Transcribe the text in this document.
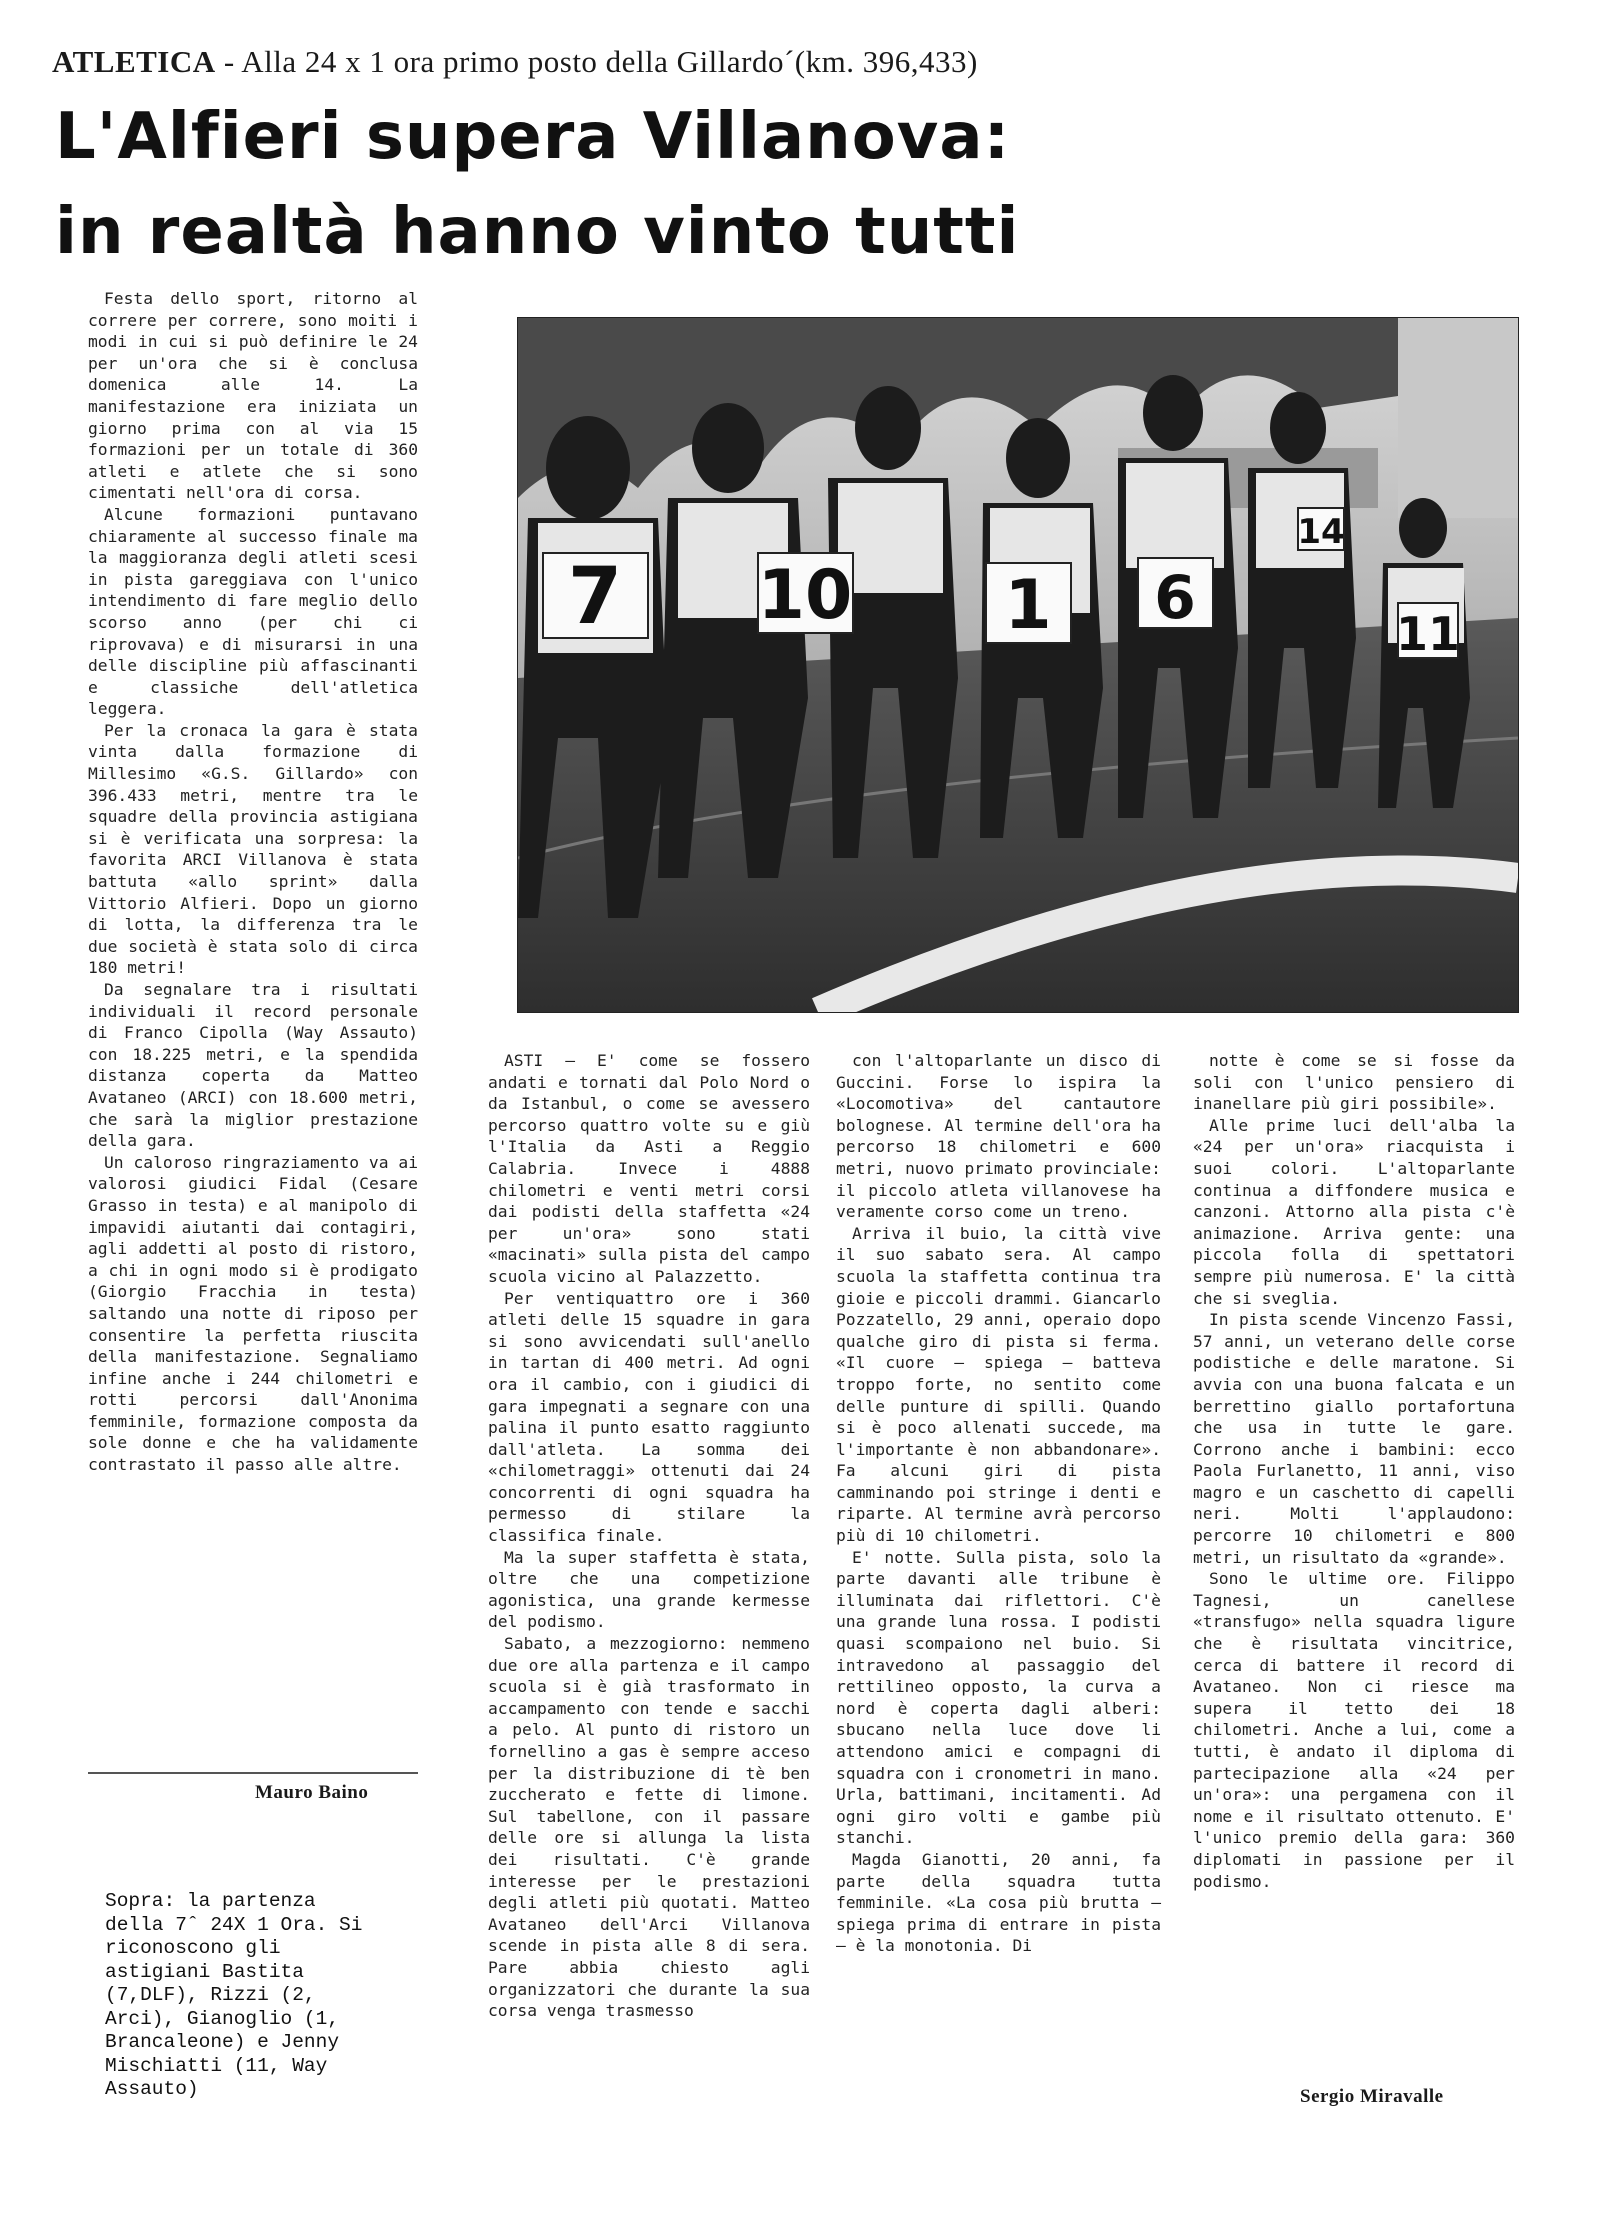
ATLETICA - Alla 24 x 1 ora primo posto della Gillardo´(km. 396,433)
L'Alfieri supera Villanova:
in realtà hanno vinto tutti
7 10 1 6
11
14

Festa dello sport, ritorno al correre per correre, sono moiti i modi in cui si può definire le 24 per un'ora che si è conclusa domenica alle 14. La manifestazione era iniziata un giorno prima con al via 15 formazioni per un totale di 360 atleti e atlete che si sono cimentati nell'ora di corsa.

Alcune formazioni puntavano chiaramente al successo finale ma la maggioranza degli atleti scesi in pista gareggiava con l'unico intendimento di fare meglio dello scorso anno (per chi ci riprovava) e di misurarsi in una delle discipline più affascinanti e classiche dell'atletica leggera.

Per la cronaca la gara è stata vinta dalla formazione di Millesimo «G.S. Gillardo» con 396.433 metri, mentre tra le squadre della provincia astigiana si è verificata una sorpresa: la favorita ARCI Villanova è stata battuta «allo sprint» dalla Vittorio Alfieri. Dopo un giorno di lotta, la differenza tra le due società è stata solo di circa 180 metri!

Da segnalare tra i risultati individuali il record personale di Franco Cipolla (Way Assauto) con 18.225 metri, e la spendida distanza coperta da Matteo Avataneo (ARCI) con 18.600 metri, che sarà la miglior prestazione della gara.

Un caloroso ringraziamento va ai valorosi giudici Fidal (Cesare Grasso in testa) e al manipolo di impavidi aiutanti dai contagiri, agli addetti al posto di ristoro, a chi in ogni modo si è prodigato (Giorgio Fracchia in testa) saltando una notte di riposo per consentire la perfetta riuscita della manifestazione. Segnaliamo infine anche i 244 chilometri e rotti percorsi dall'Anonima femminile, formazione composta da sole donne e che ha validamente contrastato il passo alle altre.

Mauro Baino
Sopra: la partenza della 7ˆ 24X 1 Ora. Si riconoscono gli astigiani Bastita (7,DLF), Rizzi (2, Arci), Gianoglio (1, Brancaleone) e Jenny Mischiatti (11, Way Assauto)

ASTI — E' come se fossero andati e tornati dal Polo Nord o da Istanbul, o come se avessero percorso quattro volte su e giù l'Italia da Asti a Reggio Calabria. Invece i 4888 chilometri e venti metri corsi dai podisti della staffetta «24 per un'ora» sono stati «macinati» sulla pista del campo scuola vicino al Palazzetto.

Per ventiquattro ore i 360 atleti delle 15 squadre in gara si sono avvicendati sull'anello in tartan di 400 metri. Ad ogni ora il cambio, con i giudici di gara impegnati a segnare con una palina il punto esatto raggiunto dall'atleta. La somma dei «chilometraggi» ottenuti dai 24 concorrenti di ogni squadra ha permesso di stilare la classifica finale.

Ma la super staffetta è stata, oltre che una competizione agonistica, una grande kermesse del podismo.

Sabato, a mezzogiorno: nemmeno due ore alla partenza e il campo scuola si è già trasformato in accampamento con tende e sacchi a pelo. Al punto di ristoro un fornellino a gas è sempre acceso per la distribuzione di tè ben zuccherato e fette di limone. Sul tabellone, con il passare delle ore si allunga la lista dei risultati. C'è grande interesse per le prestazioni degli atleti più quotati. Matteo Avataneo dell'Arci Villanova scende in pista alle 8 di sera. Pare abbia chiesto agli organizzatori che durante la sua corsa venga trasmesso

con l'altoparlante un disco di Guccini. Forse lo ispira la «Locomotiva» del cantautore bolognese. Al termine dell'ora ha percorso 18 chilometri e 600 metri, nuovo primato provinciale: il piccolo atleta villanovese ha veramente corso come un treno.

Arriva il buio, la città vive il suo sabato sera. Al campo scuola la staffetta continua tra gioie e piccoli drammi. Giancarlo Pozzatello, 29 anni, operaio dopo qualche giro di pista si ferma. «Il cuore — spiega — batteva troppo forte, no sentito come delle punture di spilli. Quando si è poco allenati succede, ma l'importante è non abbandonare». Fa alcuni giri di pista camminando poi stringe i denti e riparte. Al termine avrà percorso più di 10 chilometri.

E' notte. Sulla pista, solo la parte davanti alle tribune è illuminata dai riflettori. C'è una grande luna rossa. I podisti quasi scompaiono nel buio. Si intravedono al passaggio del rettilineo opposto, la curva a nord è coperta dagli alberi: sbucano nella luce dove li attendono amici e compagni di squadra con i cronometri in mano. Urla, battimani, incitamenti. Ad ogni giro volti e gambe più stanchi.

Magda Gianotti, 20 anni, fa parte della squadra tutta femminile. «La cosa più brutta — spiega prima di entrare in pista — è la monotonia. Di

notte è come se si fosse da soli con l'unico pensiero di inanellare più giri possibile».

Alle prime luci dell'alba la «24 per un'ora» riacquista i suoi colori. L'altoparlante continua a diffondere musica e canzoni. Attorno alla pista c'è animazione. Arriva gente: una piccola folla di spettatori sempre più numerosa. E' la città che si sveglia.

In pista scende Vincenzo Fassi, 57 anni, un veterano delle corse podistiche e delle maratone. Si avvia con una buona falcata e un berrettino giallo portafortuna che usa in tutte le gare. Corrono anche i bambini: ecco Paola Furlanetto, 11 anni, viso magro e un caschetto di capelli neri. Molti l'applaudono: percorre 10 chilometri e 800 metri, un risultato da «grande».

Sono le ultime ore. Filippo Tagnesi, un canellese «transfugo» nella squadra ligure che è risultata vincitrice, cerca di battere il record di Avataneo. Non ci riesce ma supera il tetto dei 18 chilometri. Anche a lui, come a tutti, è andato il diploma di partecipazione alla «24 per un'ora»: una pergamena con il nome e il risultato ottenuto. E' l'unico premio della gara: 360 diplomati in passione per il podismo.

Sergio Miravalle
